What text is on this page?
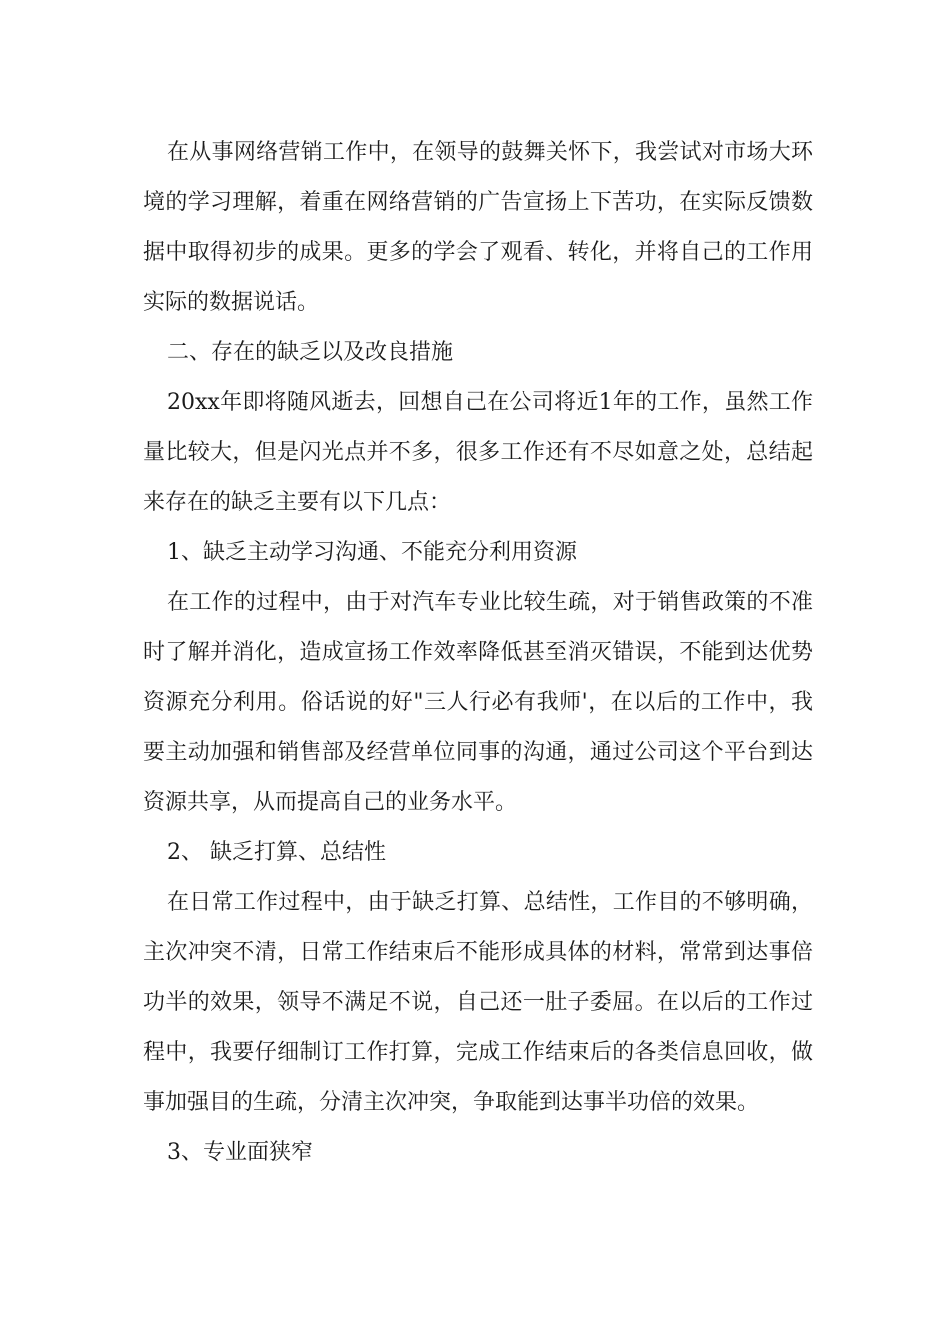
在从事网络营销工作中，在领导的鼓舞关怀下，我尝试对市场大环境的学习理解，着重在网络营销的广告宣扬上下苦功，在实际反馈数据中取得初步的成果。更多的学会了观看、转化，并将自己的工作用实际的数据说话。

二、存在的缺乏以及改良措施

20xx年即将随风逝去，回想自己在公司将近1年的工作，虽然工作量比较大，但是闪光点并不多，很多工作还有不尽如意之处，总结起来存在的缺乏主要有以下几点：

1、缺乏主动学习沟通、不能充分利用资源

在工作的过程中，由于对汽车专业比较生疏，对于销售政策的不准时了解并消化，造成宣扬工作效率降低甚至消灭错误，不能到达优势资源充分利用。俗话说的好"三人行必有我师'，在以后的工作中，我要主动加强和销售部及经营单位同事的沟通，通过公司这个平台到达资源共享，从而提高自己的业务水平。

2、 缺乏打算、总结性

在日常工作过程中，由于缺乏打算、总结性，工作目的不够明确，主次冲突不清，日常工作结束后不能形成具体的材料，常常到达事倍功半的效果，领导不满足不说，自己还一肚子委屈。在以后的工作过程中，我要仔细制订工作打算，完成工作结束后的各类信息回收，做事加强目的生疏，分清主次冲突，争取能到达事半功倍的效果。

3、专业面狭窄
